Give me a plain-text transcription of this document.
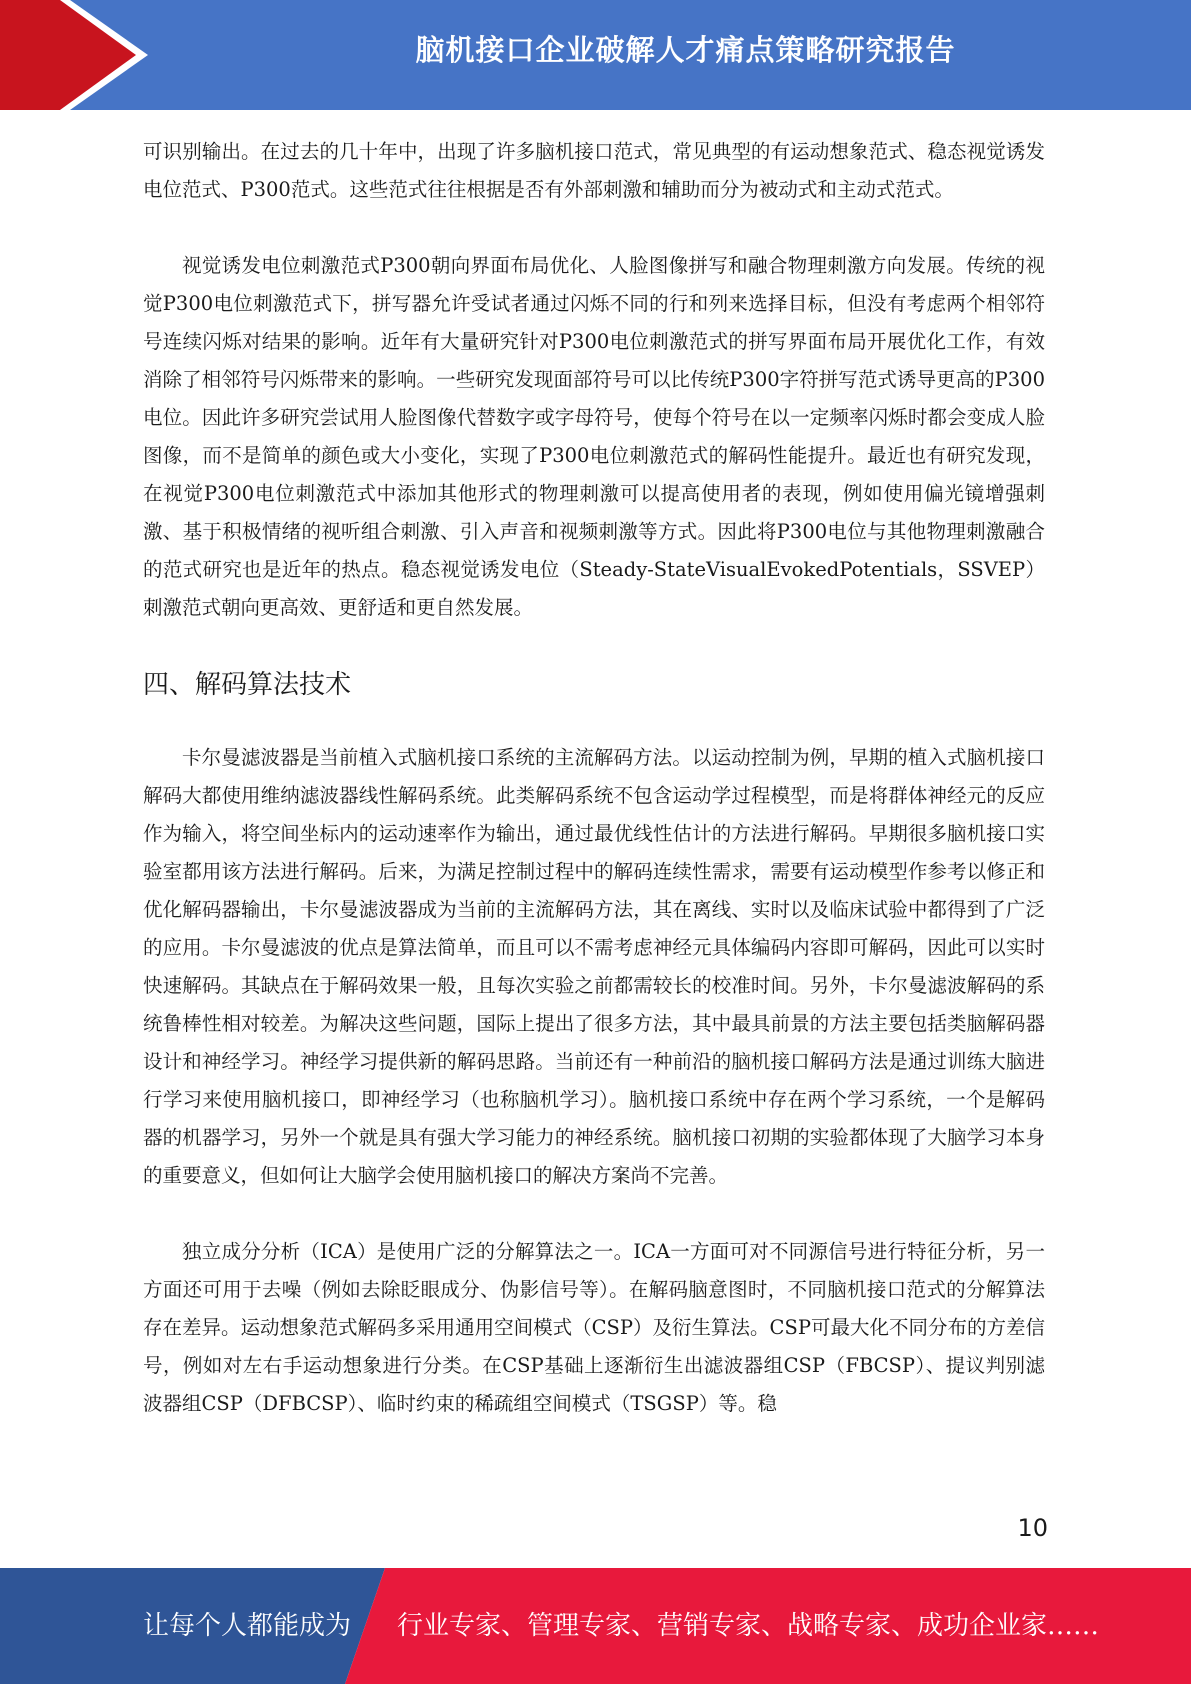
脑机接口企业破解人才痛点策略研究报告

可识别输出。在过去的几十年中，出现了许多脑机接口范式，常见典型的有运动想象范式、稳态视觉诱发电位范式、P300范式。这些范式往往根据是否有外部刺激和辅助而分为被动式和主动式范式。

视觉诱发电位刺激范式P300朝向界面布局优化、人脸图像拼写和融合物理刺激方向发展。传统的视觉P300电位刺激范式下，拼写器允许受试者通过闪烁不同的行和列来选择目标，但没有考虑两个相邻符号连续闪烁对结果的影响。近年有大量研究针对P300电位刺激范式的拼写界面布局开展优化工作，有效消除了相邻符号闪烁带来的影响。一些研究发现面部符号可以比传统P300字符拼写范式诱导更高的P300电位。因此许多研究尝试用人脸图像代替数字或字母符号，使每个符号在以一定频率闪烁时都会变成人脸图像，而不是简单的颜色或大小变化，实现了P300电位刺激范式的解码性能提升。最近也有研究发现，在视觉P300电位刺激范式中添加其他形式的物理刺激可以提高使用者的表现，例如使用偏光镜增强刺激、基于积极情绪的视听组合刺激、引入声音和视频刺激等方式。因此将P300电位与其他物理刺激融合的范式研究也是近年的热点。稳态视觉诱发电位（Steady-StateVisualEvokedPotentials，SSVEP）刺激范式朝向更高效、更舒适和更自然发展。

四、解码算法技术

卡尔曼滤波器是当前植入式脑机接口系统的主流解码方法。以运动控制为例，早期的植入式脑机接口解码大都使用维纳滤波器线性解码系统。此类解码系统不包含运动学过程模型，而是将群体神经元的反应作为输入，将空间坐标内的运动速率作为输出，通过最优线性估计的方法进行解码。早期很多脑机接口实验室都用该方法进行解码。后来，为满足控制过程中的解码连续性需求，需要有运动模型作参考以修正和优化解码器输出，卡尔曼滤波器成为当前的主流解码方法，其在离线、实时以及临床试验中都得到了广泛的应用。卡尔曼滤波的优点是算法简单，而且可以不需考虑神经元具体编码内容即可解码，因此可以实时快速解码。其缺点在于解码效果一般，且每次实验之前都需较长的校准时间。另外，卡尔曼滤波解码的系统鲁棒性相对较差。为解决这些问题，国际上提出了很多方法，其中最具前景的方法主要包括类脑解码器设计和神经学习。神经学习提供新的解码思路。当前还有一种前沿的脑机接口解码方法是通过训练大脑进行学习来使用脑机接口，即神经学习（也称脑机学习）。脑机接口系统中存在两个学习系统，一个是解码器的机器学习，另外一个就是具有强大学习能力的神经系统。脑机接口初期的实验都体现了大脑学习本身的重要意义，但如何让大脑学会使用脑机接口的解决方案尚不完善。

独立成分分析（ICA）是使用广泛的分解算法之一。ICA一方面可对不同源信号进行特征分析，另一方面还可用于去噪（例如去除眨眼成分、伪影信号等）。在解码脑意图时，不同脑机接口范式的分解算法存在差异。运动想象范式解码多采用通用空间模式（CSP）及衍生算法。CSP可最大化不同分布的方差信号，例如对左右手运动想象进行分类。在CSP基础上逐渐衍生出滤波器组CSP（FBCSP）、提议判别滤波器组CSP（DFBCSP）、临时约束的稀疏组空间模式（TSGSP）等。稳

10
让每个人都能成为 行业专家、管理专家、营销专家、战略专家、成功企业家……
